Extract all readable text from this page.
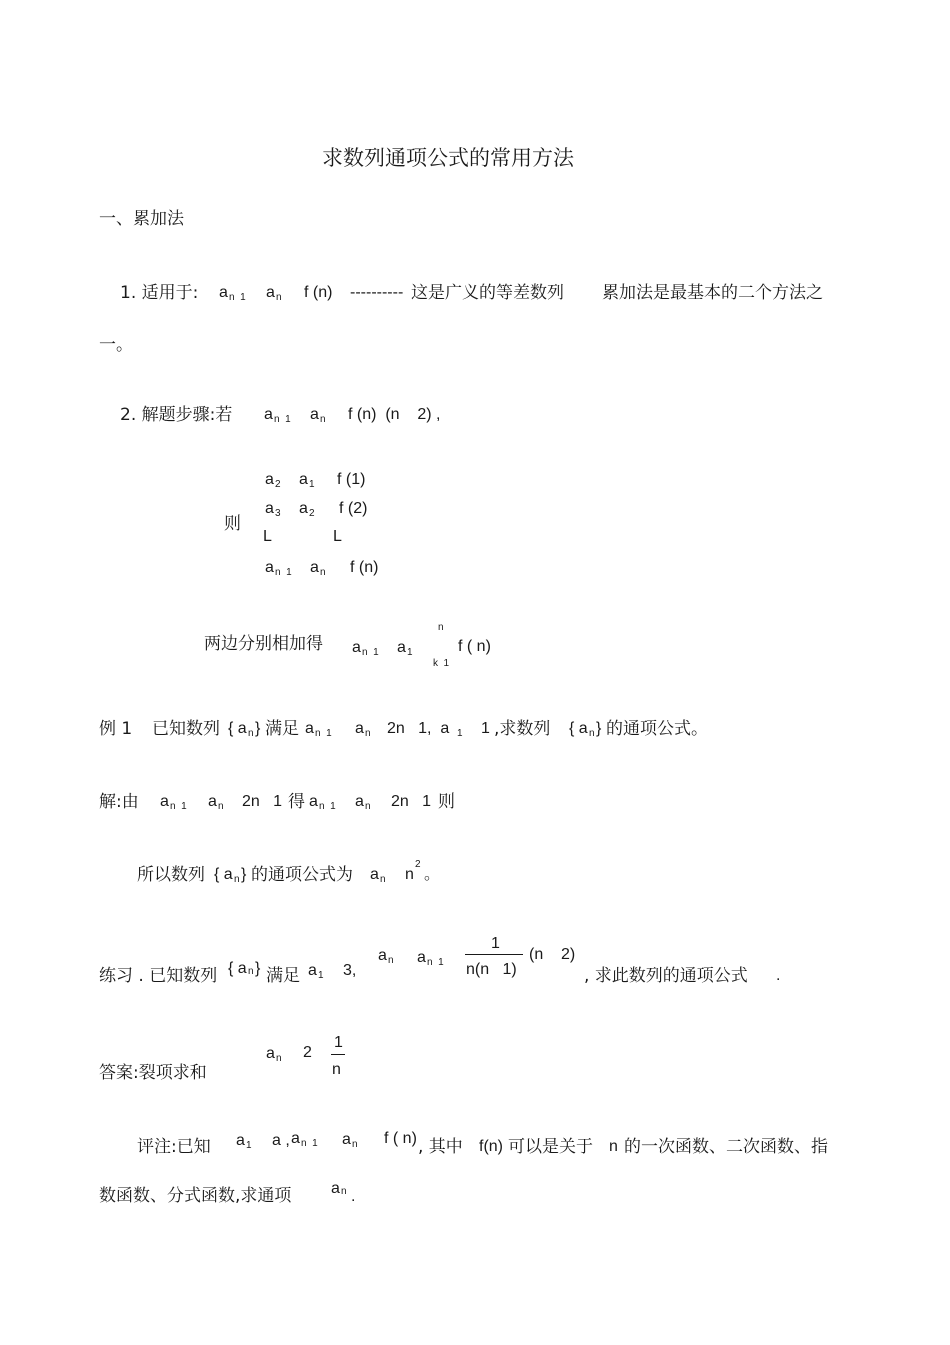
求数列通项公式的常用方法
一、累加法
1. 适用于: a n  1 a n f (n) ---------- 这是广义的等差数列 累加法是最基本的二个方法之
一。
2. 解题步骤:若 a n  1 a n f (n)  (n    2) ,
则
a 2 a 1 f (1)
a 3 a 2 f (2)
L	L
a n  1 a n f (n)
两边分别相加得 a n  1 a 1
n
k  1
f ( n)
例 1 已知数列 { a n } 满足 a n  1 a n 2n   1,  a 1 1 ,求数列 { a n } 的通项公式。
解:由 a n  1 a n 2n   1 得 a n  1 a n 2n   1 则
所以数列 { a n } 的通项公式为 a n n
2
。
练习 . 已知数列 { a n } 满足 a 1 3,
a n a n  1
1
n(n   1)
(n    2)
, 求此数列的通项公式 .
答案:裂项求和
a n 2
1
n
评注:已知 a 1 a , a n  1 a n f ( n) , 其中 f(n) 可以是关于 n 的一次函数、二次函数、指
数函数、分式函数,求通项 a n .
